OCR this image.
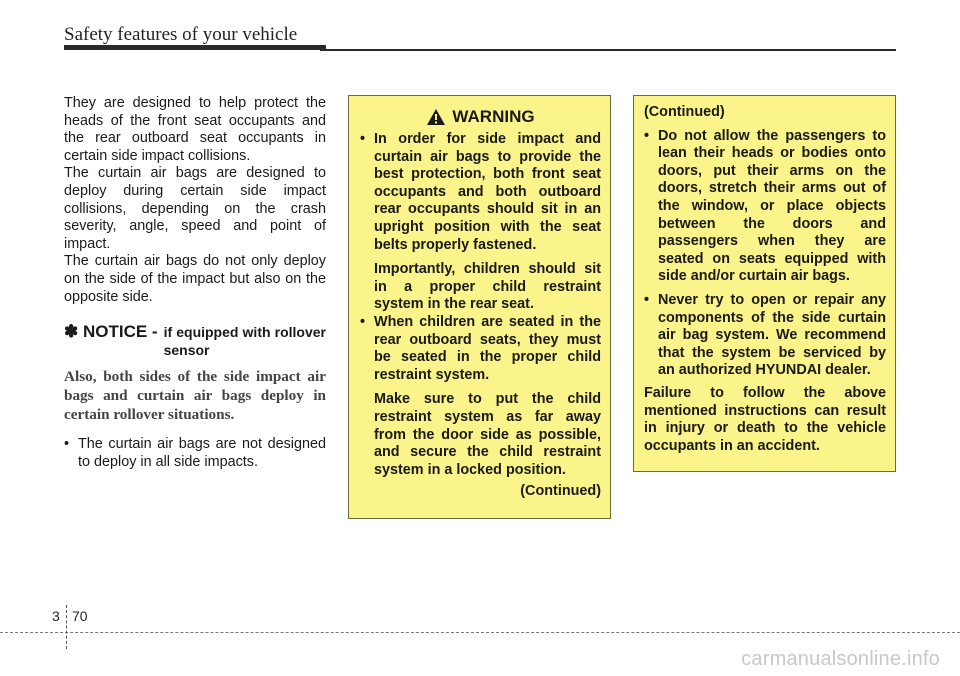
Safety features of your vehicle

They are designed to help protect the heads of the front seat occupants and the rear outboard seat occupants in certain side impact collisions.

The curtain air bags are designed to deploy during certain side impact collisions, depending on the crash severity, angle, speed and point of impact.

The curtain air bags do not only deploy on the side of the impact but also on the opposite side.

✽ NOTICE - if equipped with rollover sensor
Also, both sides of the side impact air bags and curtain air bags deploy in certain rollover situations.
• The curtain air bags are not designed to deploy in all side impacts.
WARNING
• In order for side impact and curtain air bags to provide the best protection, both front seat occupants and both outboard rear occupants should sit in an upright position with the seat belts properly fastened.
Importantly, children should sit in a proper child restraint system in the rear seat.
• When children are seated in the rear outboard seats, they must be seated in the proper child restraint system.
Make sure to put the child restraint system as far away from the door side as possible, and secure the child restraint system in a locked position.
(Continued)
(Continued)
• Do not allow the passengers to lean their heads or bodies onto doors, put their arms on the doors, stretch their arms out of the window, or place objects between the doors and passengers when they are seated on seats equipped with side and/or curtain air bags.
• Never try to open or repair any components of the side curtain air bag system. We recommend that the system be serviced by an authorized HYUNDAI dealer.
Failure to follow the above mentioned instructions can result in injury or death to the vehicle occupants in an accident.
3 70
carmanualsonline.info
